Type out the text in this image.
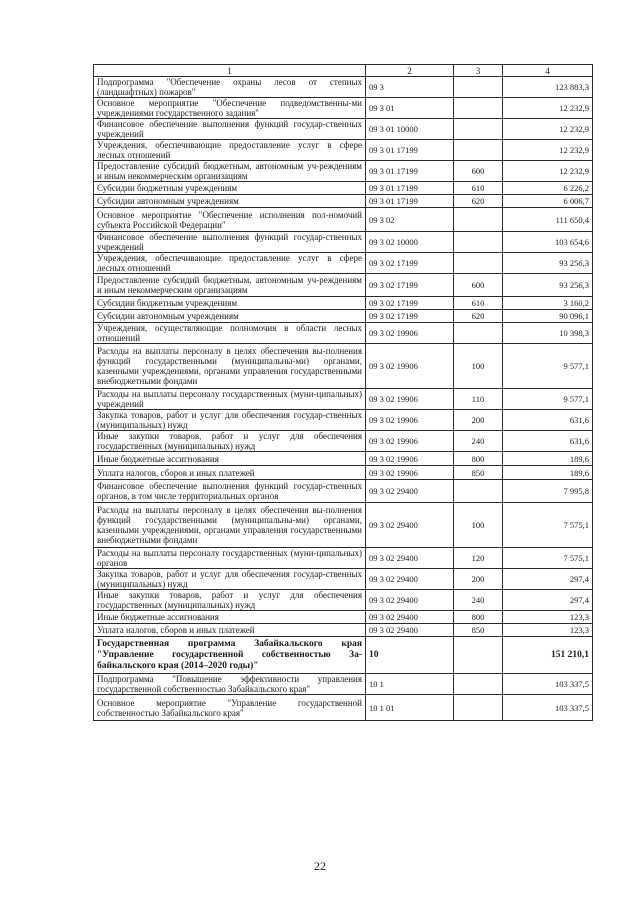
1	2	3	4
Подпрограмма "Обеспечение охраны лесов от степных (ландшафтных) пожаров"	09 3		123 883,3
Основное мероприятие "Обеспечение подведомственны-ми учреждениями государственного задания"	09 3 01		12 232,9
Финансовое обеспечение выполнения функций государ-ственных учреждений	09 3 01 10000		12 232,9
Учреждения, обеспечивающие предоставление услуг в сфере лесных отношений	09 3 01 17199		12 232,9
Предоставление субсидий бюджетным, автономным уч-реждениям и иным некоммерческим организациям	09 3 01 17199	600	12 232,9
Субсидии бюджетным учреждениям	09 3 01 17199	610	6 226,2
Субсидии автономным учреждениям	09 3 01 17199	620	6 006,7
Основное мероприятие "Обеспечение исполнения пол-номочий субъекта Российской Федерации"	09 3 02		111 650,4
Финансовое обеспечение выполнения функций государ-ственных учреждений	09 3 02 10000		103 654,6
Учреждения, обеспечивающие предоставление услуг в сфере лесных отношений	09 3 02 17199		93 256,3
Предоставление субсидий бюджетным, автономным уч-реждениям и иным некоммерческим организациям	09 3 02 17199	600	93 256,3
Субсидии бюджетным учреждениям	09 3 02 17199	610	3 160,2
Субсидии автономным учреждениям	09 3 02 17199	620	90 096,1
Учреждения, осуществляющие полномочия в области лесных отношений	09 3 02 19906		10 398,3
Расходы на выплаты персоналу в целях обеспечения вы-полнения функций государственными (муниципальны-ми) органами, казенными учреждениями, органами управления государственными внебюджетными фондами	09 3 02 19906	100	9 577,1
Расходы на выплаты персоналу государственных (муни-ципальных) учреждений	09 3 02 19906	110	9 577,1
Закупка товаров, работ и услуг для обеспечения государ-ственных (муниципальных) нужд	09 3 02 19906	200	631,6
Иные закупки товаров, работ и услуг для обеспечения государственных (муниципальных) нужд	09 3 02 19906	240	631,6
Иные бюджетные ассигнования	09 3 02 19906	800	189,6
Уплата налогов, сборов и иных платежей	09 3 02 19906	850	189,6
Финансовое обеспечение выполнения функций государ-ственных органов, в том числе территориальных органов	09 3 02 29400		7 995,8
Расходы на выплаты персоналу в целях обеспечения вы-полнения функций государственными (муниципальны-ми) органами, казенными учреждениями, органами управления государственными внебюджетными фондами	09 3 02 29400	100	7 575,1
Расходы на выплаты персоналу государственных (муни-ципальных) органов	09 3 02 29400	120	7 575,1
Закупка товаров, работ и услуг для обеспечения государ-ственных (муниципальных) нужд	09 3 02 29400	200	297,4
Иные закупки товаров, работ и услуг для обеспечения государственных (муниципальных) нужд	09 3 02 29400	240	297,4
Иные бюджетные ассигнования	09 3 02 29400	800	123,3
Уплата налогов, сборов и иных платежей	09 3 02 29400	850	123,3
Государственная программа Забайкальского края "Управление государственной собственностью За-байкальского края (2014–2020 годы)"	10		151 210,1
Подпрограмма "Повышение эффективности управления государственной собственностью Забайкальского края"	10 1		103 337,5
Основное мероприятие "Управление государственной собственностью Забайкальского края"	10 1 01		103 337,5
22
